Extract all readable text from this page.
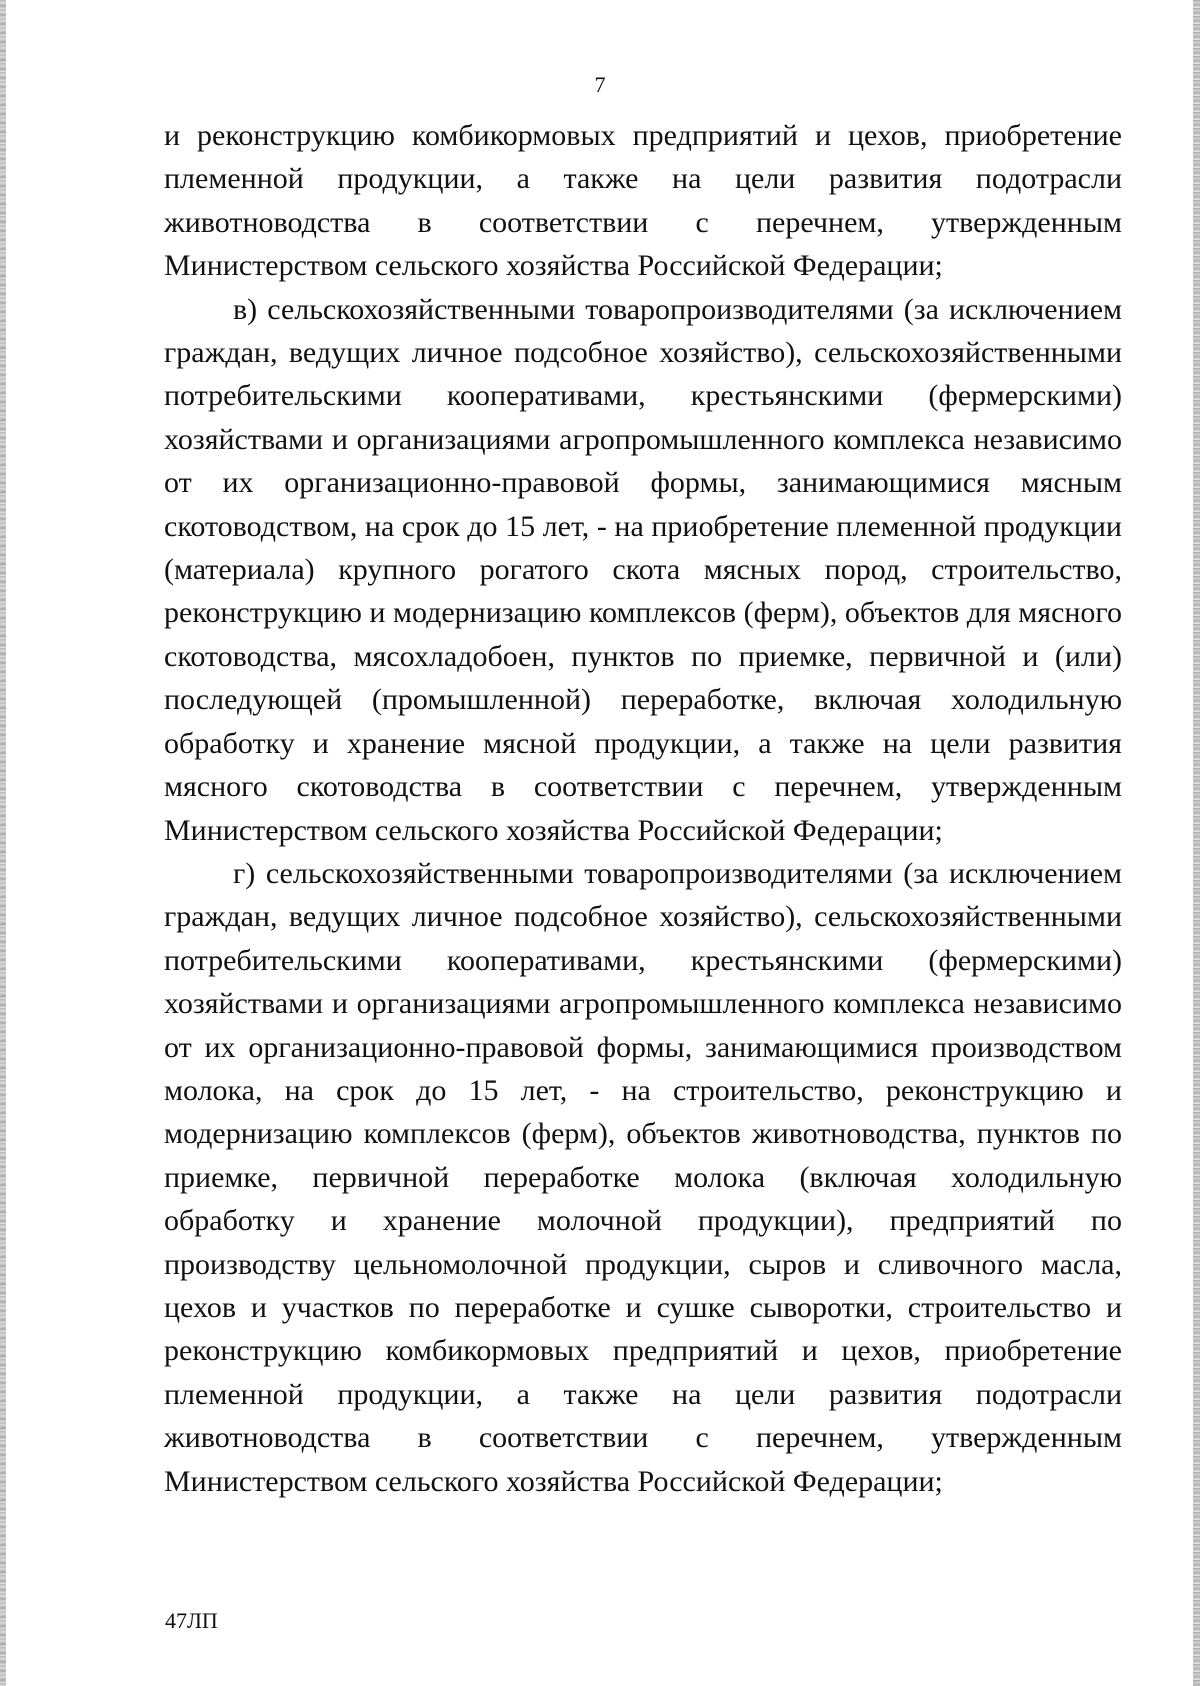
7

и реконструкцию комбикормовых предприятий и цехов, приобретение племенной продукции, а также на цели развития подотрасли животноводства в соответствии с перечнем, утвержденным Министерством сельского хозяйства Российской Федерации;

в) сельскохозяйственными товаропроизводителями (за исключением граждан, ведущих личное подсобное хозяйство), сельскохозяйственными потребительскими кооперативами, крестьянскими (фермерскими) хозяйствами и организациями агропромышленного комплекса независимо от их организационно-правовой формы, занимающимися мясным скотоводством, на срок до 15 лет, - на приобретение племенной продукции (материала) крупного рогатого скота мясных пород, строительство, реконструкцию и модернизацию комплексов (ферм), объектов для мясного скотоводства, мясохладобоен, пунктов по приемке, первичной и (или) последующей (промышленной) переработке, включая холодильную обработку и хранение мясной продукции, а также на цели развития мясного скотоводства в соответствии с перечнем, утвержденным Министерством сельского хозяйства Российской Федерации;

г) сельскохозяйственными товаропроизводителями (за исключением граждан, ведущих личное подсобное хозяйство), сельскохозяйственными потребительскими кооперативами, крестьянскими (фермерскими) хозяйствами и организациями агропромышленного комплекса независимо от их организационно-правовой формы, занимающимися производством молока, на срок до 15 лет, - на строительство, реконструкцию и модернизацию комплексов (ферм), объектов животноводства, пунктов по приемке, первичной переработке молока (включая холодильную обработку и хранение молочной продукции), предприятий по производству цельномолочной продукции, сыров и сливочного масла, цехов и участков по переработке и сушке сыворотки, строительство и реконструкцию комбикормовых предприятий и цехов, приобретение племенной продукции, а также на цели развития подотрасли животноводства в соответствии с перечнем, утвержденным Министерством сельского хозяйства Российской Федерации;

47ЛП
